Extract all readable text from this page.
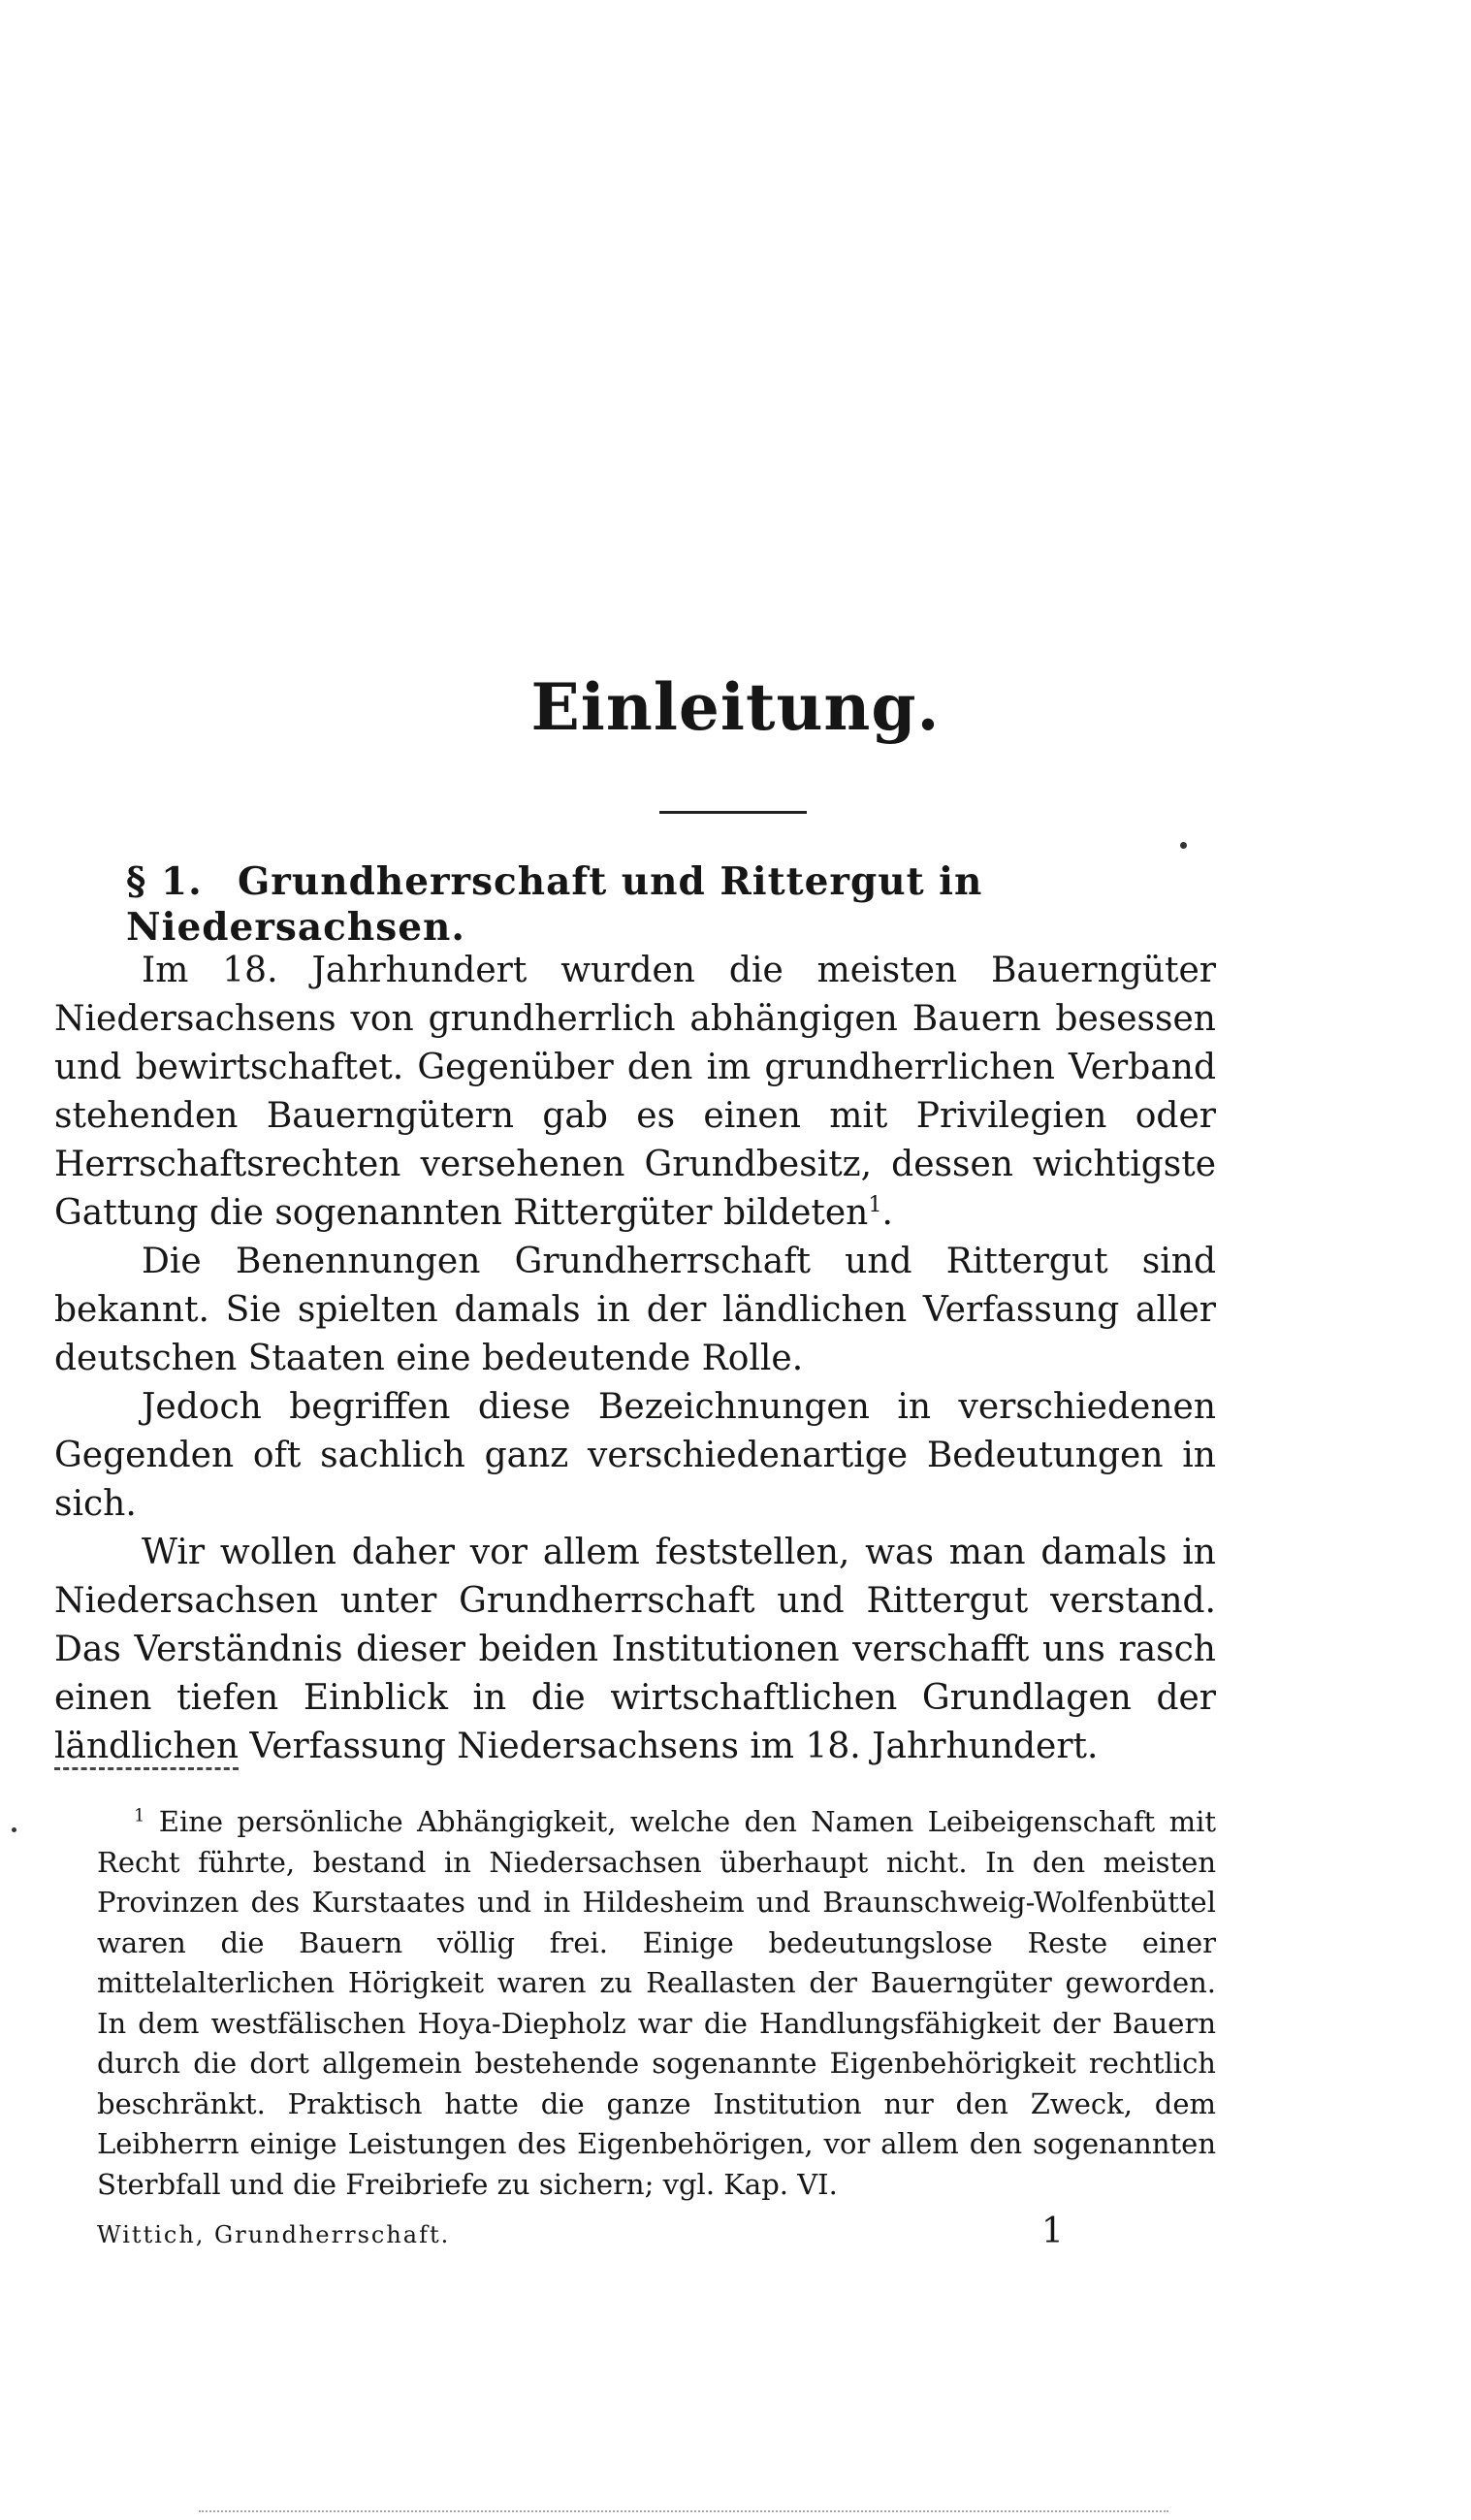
Einleitung.
§ 1. Grundherrschaft und Rittergut in Niedersachsen.

Im 18. Jahrhundert wurden die meisten Bauerngüter Niedersachsens von grundherrlich abhängigen Bauern besessen und bewirtschaftet. Gegenüber den im grundherrlichen Verband stehenden Bauerngütern gab es einen mit Privilegien oder Herrschaftsrechten versehenen Grundbesitz, dessen wichtigste Gattung die sogenannten Rittergüter bildeten$^1$.

Die Benennungen Grundherrschaft und Rittergut sind bekannt. Sie spielten damals in der ländlichen Verfassung aller deutschen Staaten eine bedeutende Rolle.

Jedoch begriffen diese Bezeichnungen in verschiedenen Gegenden oft sachlich ganz verschiedenartige Bedeutungen in sich.

Wir wollen daher vor allem feststellen, was man damals in Niedersachsen unter Grundherrschaft und Rittergut verstand. Das Verständnis dieser beiden Institutionen verschafft uns rasch einen tiefen Einblick in die wirtschaftlichen Grundlagen der ländlichen Verfassung Niedersachsens im 18. Jahrhundert.

$^1$ Eine persönliche Abhängigkeit, welche den Namen Leibeigenschaft mit Recht führte, bestand in Niedersachsen überhaupt nicht. In den meisten Provinzen des Kurstaates und in Hildesheim und Braunschweig-Wolfenbüttel waren die Bauern völlig frei. Einige bedeutungslose Reste einer mittelalterlichen Hörigkeit waren zu Reallasten der Bauerngüter geworden. In dem westfälischen Hoya-Diepholz war die Handlungsfähigkeit der Bauern durch die dort allgemein bestehende sogenannte Eigenbehörigkeit rechtlich beschränkt. Praktisch hatte die ganze Institution nur den Zweck, dem Leibherrn einige Leistungen des Eigenbehörigen, vor allem den sogenannten Sterbfall und die Freibriefe zu sichern; vgl. Kap. VI.

Wittich, Grundherrschaft.	1
